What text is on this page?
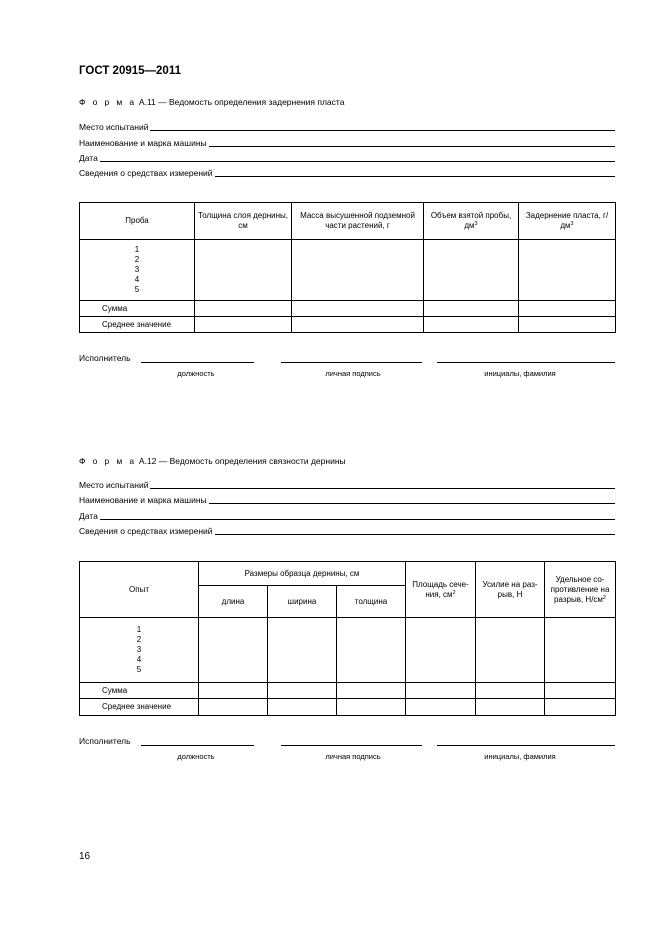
ГОСТ 20915—2011
Ф о р м а А.11 — Ведомость определения задернения пласта
Место испытаний
Наименование и марка машины
Дата
Сведения о средствах измерений
Проба	Толщина слоя дернины, см	Масса высушенной подземной части растений, г	Объем взятой пробы, $дм^3$	Задернение пласта, $г/дм^3$

1
2
3
4
5				

Сумма				
Среднее значение				
Исполнитель
должность	личная подпись	инициалы, фамилия
Ф о р м а А.12 — Ведомость определения связности дернины
Место испытаний
Наименование и марка машины
Дата
Сведения о средствах измерений
Опыт	Размеры образца дернины, см			Площадь сечения, $см^2$	Усилие на разрыв, Н	Удельное сопротивление на разрыв, $Н/см^2$
	длина	ширина	толщина			

1
2
3
4
5						

Сумма						
Среднее значение						
Исполнитель
должность	личная подпись	инициалы, фамилия
16
